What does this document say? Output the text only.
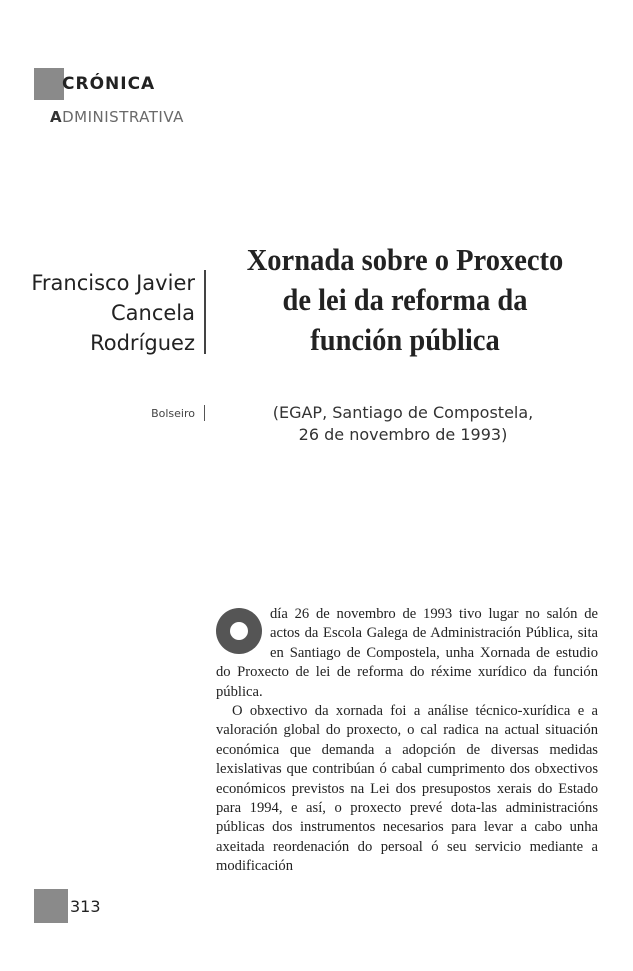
CRÓNICA
ADMINISTRATIVA
Francisco Javier
Cancela
Rodríguez
Xornada sobre o Proxecto
de lei da reforma da
función pública
Bolseiro	(EGAP, Santiago de Compostela,
26 de novembro de 1993)

día 26 de novembro de 1993 tivo lugar no salón de actos da Escola Galega de Administración Pública, sita en Santiago de Compostela, unha Xornada de estudio do Proxecto de lei de reforma do réxime xurídico da función pública.

O obxectivo da xornada foi a análise técnico-xurídica e a valoración global do proxecto, o cal radica na actual situación económica que demanda a adopción de diversas medidas lexislativas que contribúan ó cabal cumprimento dos obxectivos económicos previstos na Lei dos presupostos xerais do Estado para 1994, e así, o proxecto prevé dota-las administracións públicas dos instrumentos necesarios para levar a cabo unha axeitada reordenación do persoal ó seu servicio mediante a modificación

313
